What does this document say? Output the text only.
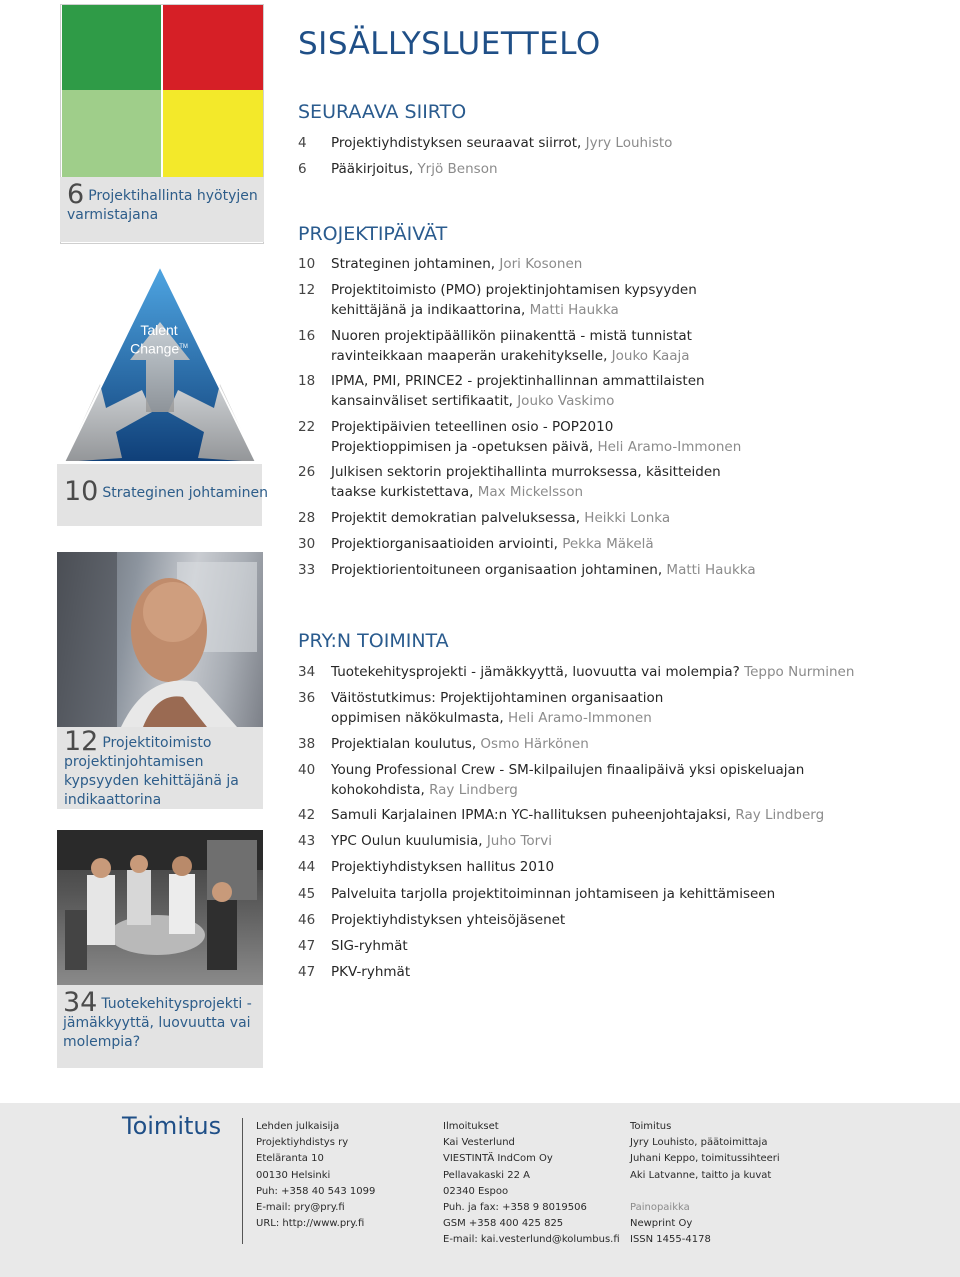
6 Projektihallinta hyötyjen varmistajana
Talent
Change™
10 Strateginen johtaminen
12 Projektitoimisto projektinjohtamisen kypsyyden kehittäjänä ja indikaattorina
34 Tuotekehitysprojekti - jämäkkyyttä, luovuutta vai molempia?
SISÄLLYSLUETTELO
SEURAAVA SIIRTO
4	Projektiyhdistyksen seuraavat siirrot, Jyry Louhisto
6	Pääkirjoitus, Yrjö Benson
PROJEKTIPÄIVÄT
10	Strateginen johtaminen, Jori Kosonen
12	Projektitoimisto (PMO) projektinjohtamisen kypsyyden
kehittäjänä ja indikaattorina, Matti Haukka
16	Nuoren projektipäällikön piinakenttä - mistä tunnistat
ravinteikkaan maaperän urakehitykselle, Jouko Kaaja
18	IPMA, PMI, PRINCE2 - projektinhallinnan ammattilaisten
kansainväliset sertifikaatit, Jouko Vaskimo
22	Projektipäivien teteellinen osio - POP2010
Projektioppimisen ja -opetuksen päivä, Heli Aramo-Immonen
26	Julkisen sektorin projektihallinta murroksessa, käsitteiden
taakse kurkistettava, Max Mickelsson
28	Projektit demokratian palveluksessa, Heikki Lonka
30	Projektiorganisaatioiden arviointi, Pekka Mäkelä
33	Projektiorientoituneen organisaation johtaminen, Matti Haukka
PRY:N TOIMINTA
34	Tuotekehitysprojekti - jämäkkyyttä, luovuutta vai molempia? Teppo Nurminen
36	Väitöstutkimus: Projektijohtaminen organisaation
oppimisen näkökulmasta, Heli Aramo-Immonen
38	Projektialan koulutus, Osmo Härkönen
40	Young Professional Crew - SM-kilpailujen finaalipäivä yksi opiskeluajan
kohokohdista, Ray Lindberg
42	Samuli Karjalainen IPMA:n YC-hallituksen puheenjohtajaksi, Ray Lindberg
43	YPC Oulun kuulumisia, Juho Torvi
44	Projektiyhdistyksen hallitus 2010
45	Palveluita tarjolla projektitoiminnan johtamiseen ja kehittämiseen
46	Projektiyhdistyksen yhteisöjäsenet
47	SIG-ryhmät
47	PKV-ryhmät
Toimitus	Lehden julkaisija
Projektiyhdistys ry
Eteläranta 10
00130 Helsinki
Puh: +358 40 543 1099
E-mail: pry@pry.fi
URL: http://www.pry.fi
Ilmoitukset
Kai Vesterlund
VIESTINTÄ IndCom Oy
Pellavakaski 22 A
02340 Espoo
Puh. ja fax: +358 9 8019506
GSM +358 400 425 825
E-mail: kai.vesterlund@kolumbus.fi
Toimitus
Jyry Louhisto, päätoimittaja
Juhani Keppo, toimitussihteeri
Aki Latvanne, taitto ja kuvat
Painopaikka
Newprint Oy
ISSN 1455-4178
